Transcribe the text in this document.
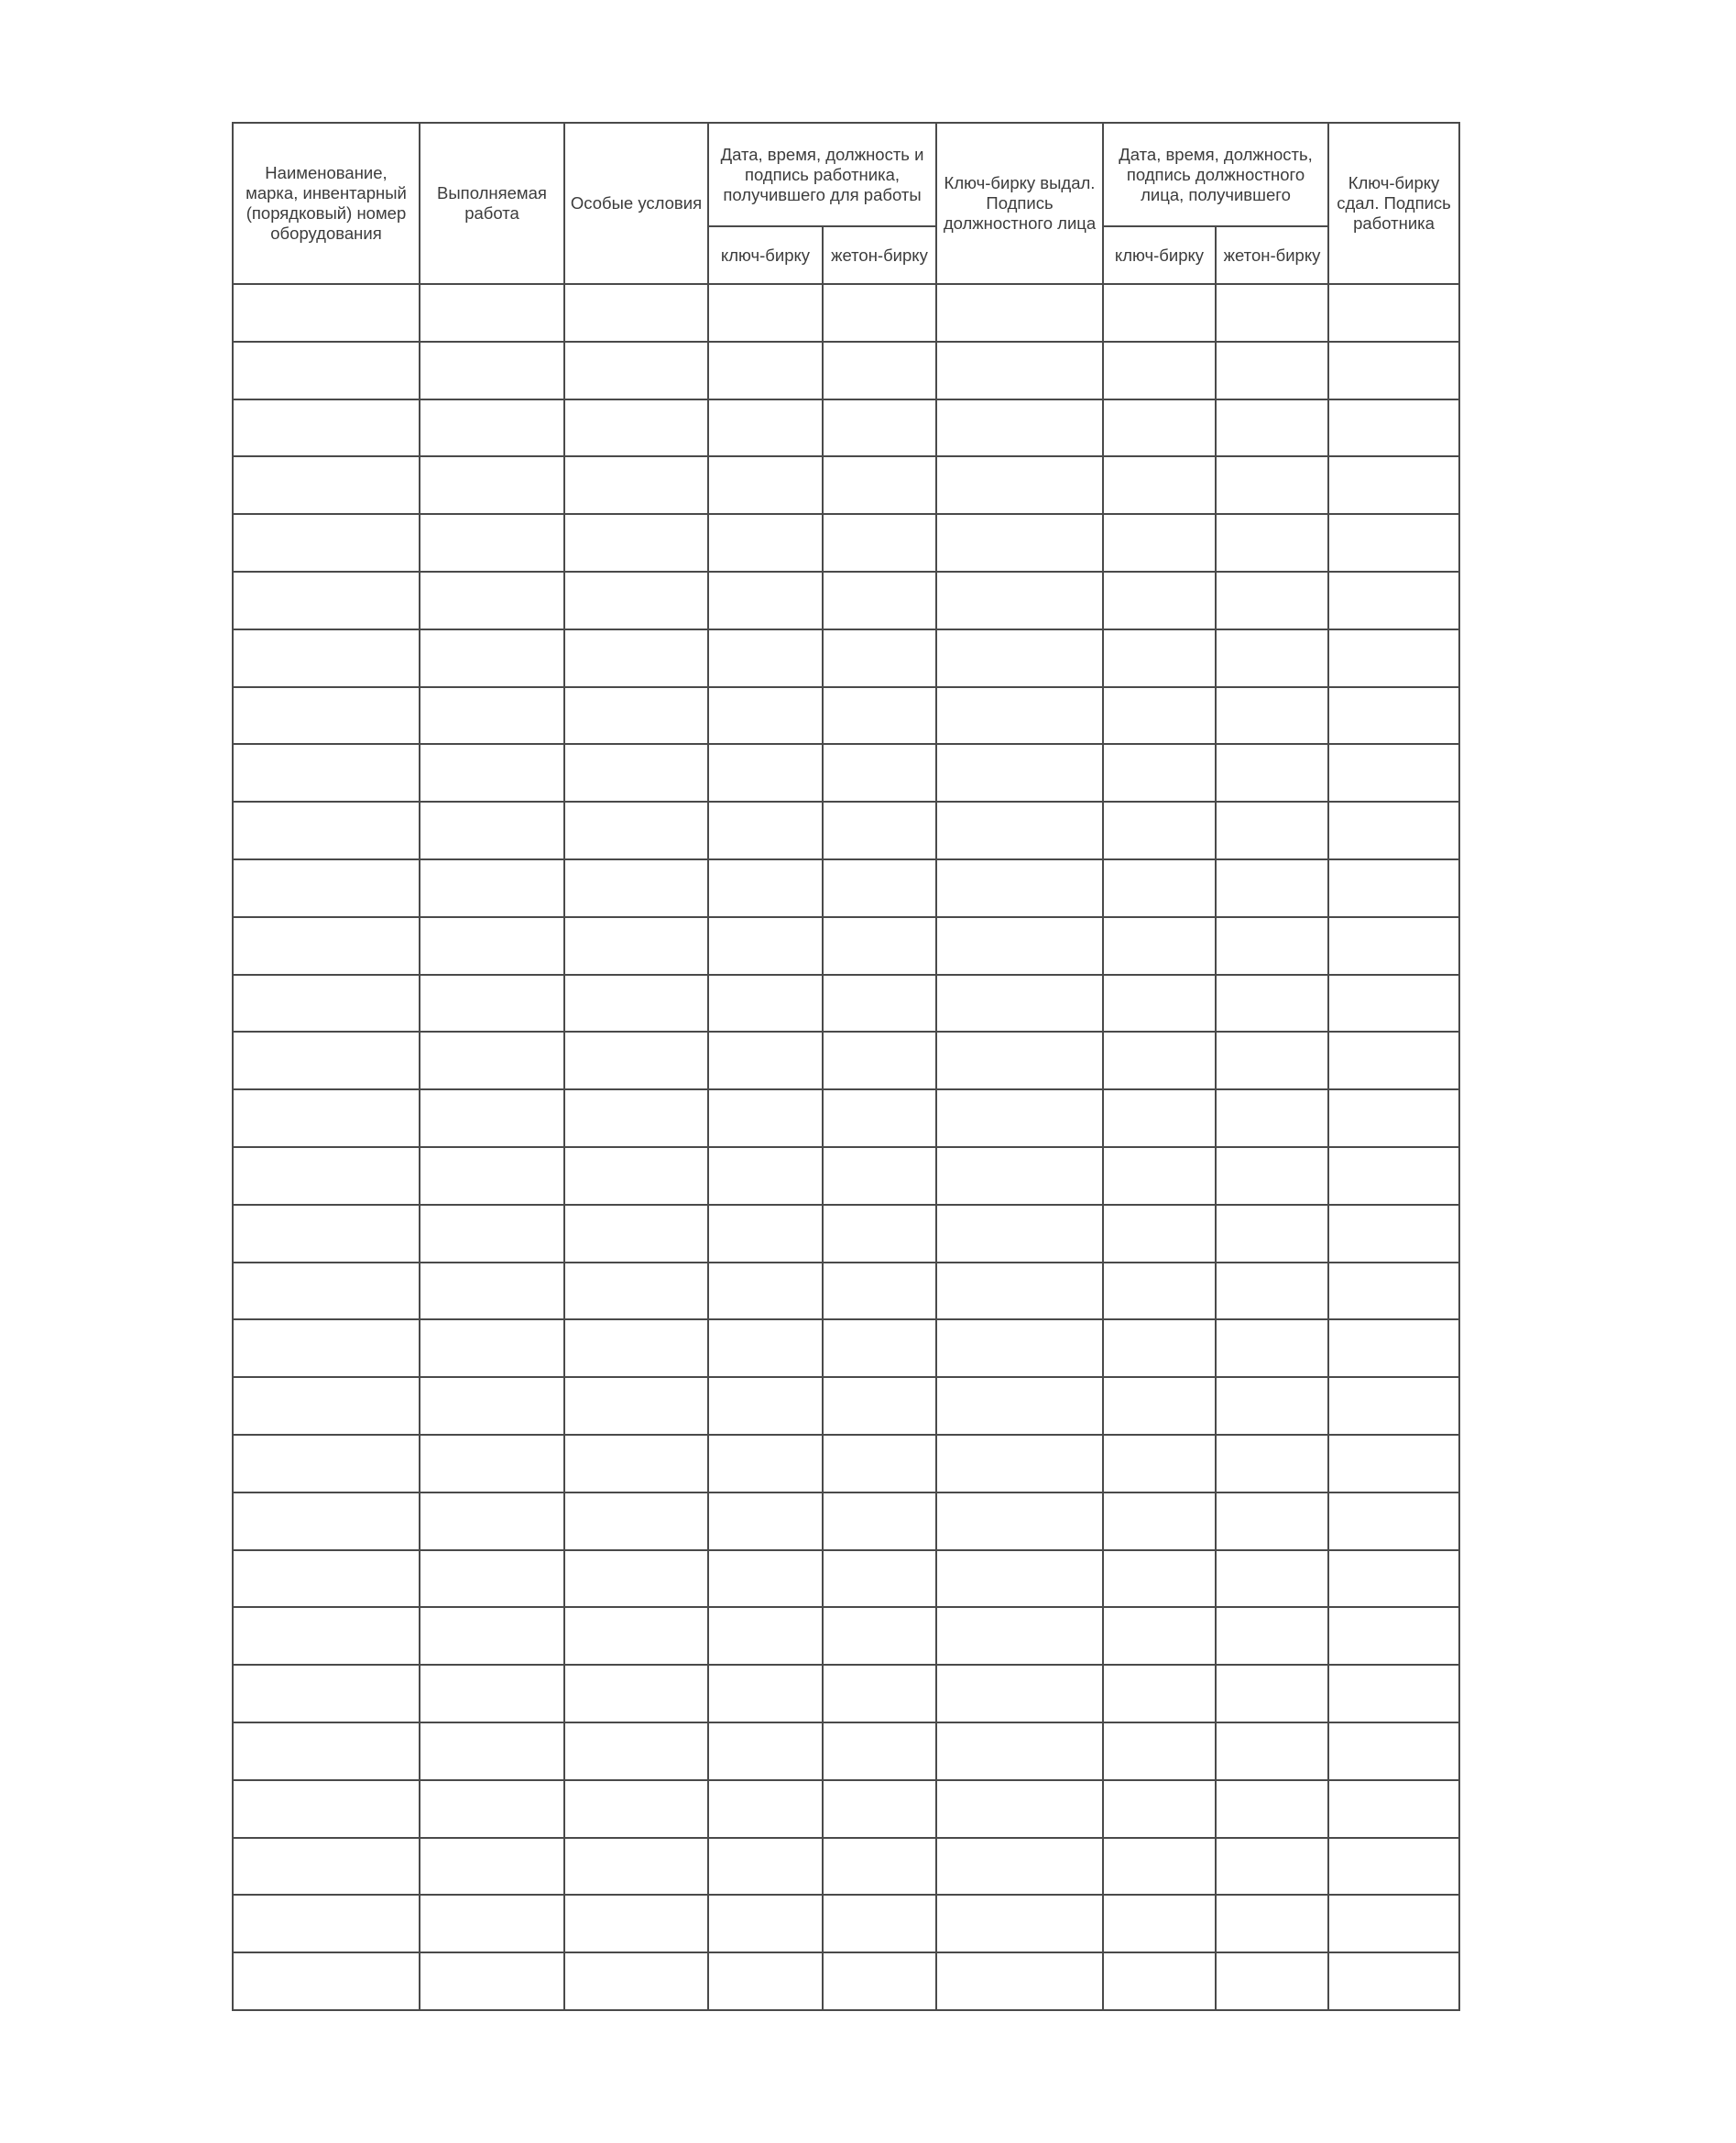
Наименование, марка, инвентарный (порядковый) номер оборудования	Выполняемая работа	Особые условия	Дата, время, должность и подпись работника, получившего для работы		Ключ-бирку выдал. Подпись должностного лица	Дата, время, должность, подпись должностного лица, получившего		Ключ-бирку сдал. Подпись работника
			ключ-бирку	жетон-бирку		ключ-бирку	жетон-бирку	
